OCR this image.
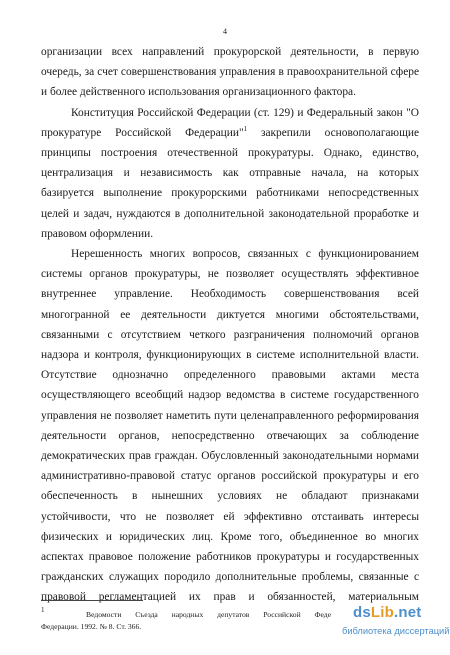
4

организации всех направлений прокурорской деятельности, в первую

очередь, за счет совершенствования управления в правоохранительной сфере

и более действенного использования организационного фактора.

Конституция Российской Федерации (ст. 129) и Федеральный закон "О

прокуратуре Российской Федерации"$^1$ закрепили основополагающие

принципы построения отечественной прокуратуры. Однако, единство,

централизация и независимость как отправные начала, на которых

базируется выполнение прокурорскими работниками непосредственных

целей и задач, нуждаются в дополнительной законодательной проработке и

правовом оформлении.

Нерешенность многих вопросов, связанных с функционированием

системы органов прокуратуры, не позволяет осуществлять эффективное

внутреннее управление. Необходимость совершенствования всей

многогранной ее деятельности диктуется многими обстоятельствами,

связанными с отсутствием четкого разграничения полномочий органов

надзора и контроля, функционирующих в системе исполнительной власти.

Отсутствие однозначно определенного правовыми актами места

осуществляющего всеобщий надзор ведомства в системе государственного

управления не позволяет наметить пути целенаправленного реформирования

деятельности органов, непосредственно отвечающих за соблюдение

демократических прав граждан. Обусловленный законодательными нормами

административно-правовой статус органов российской прокуратуры и его

обеспеченность в нынешних условиях не обладают признаками

устойчивости, что не позволяет ей эффективно отстаивать интересы

физических и юридических лиц. Кроме того, объединенное во многих

аспектах правовое положение работников прокуратуры и государственных

гражданских служащих породило дополнительные проблемы, связанные с

правовой регламентацией их прав и обязанностей, материальным

$^1$	Ведомости Съезда народных депутатов Российской Феде

Федерации. 1992. № 8. Ст. 366.

dsLib.net
библиотека диссертаций
